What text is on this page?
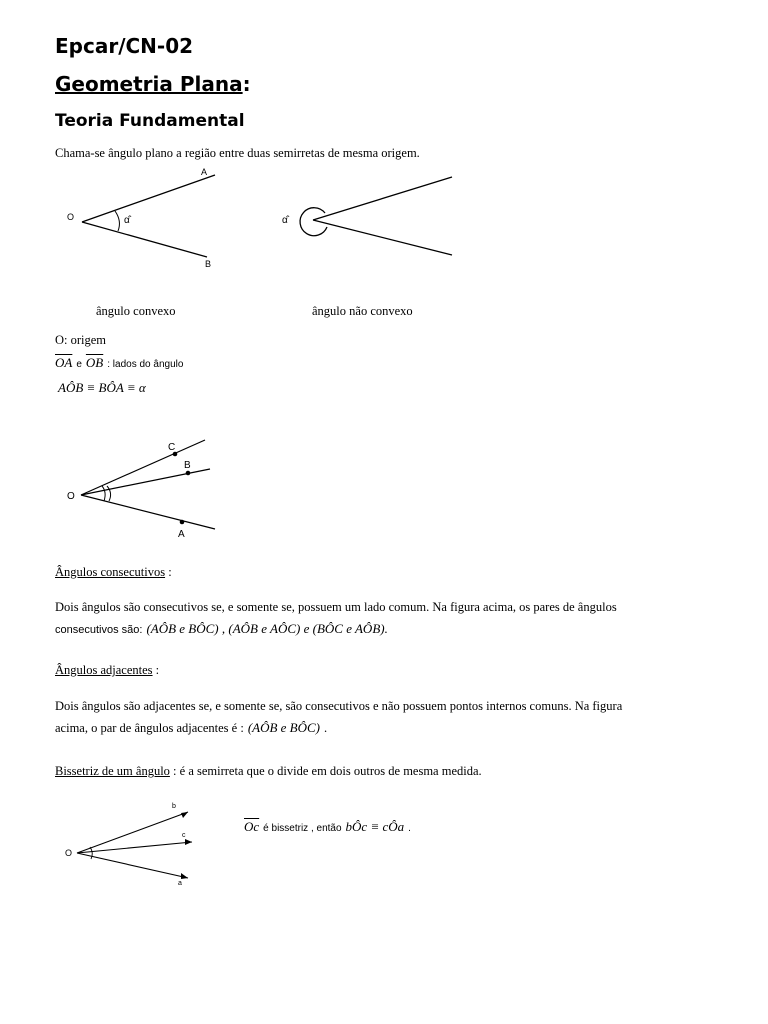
Epcar/CN-02
Geometria Plana:
Teoria Fundamental
Chama-se ângulo plano a região entre duas semirretas de mesma origem.
O
A
B
α̂	α̂
ângulo convexo	ângulo não convexo
O: origem
$\overline{OA}$ e $\overline{OB}$ : lados do ângulo
AÔB ≡ BÔA ≡ α
O
C
B
A
Ângulos consecutivos :
Dois ângulos são consecutivos se, e somente se, possuem um lado comum. Na figura acima, os pares de ângulos
consecutivos são: (AÔB e BÔC) , (AÔB e AÔC) e (BÔC e AÔB).
Ângulos adjacentes :
Dois ângulos são adjacentes se, e somente se, são consecutivos e não possuem pontos internos comuns. Na figura
acima, o par de ângulos adjacentes é : (AÔB e BÔC) .
Bissetriz de um ângulo : é a semirreta que o divide em dois outros de mesma medida.
O
b
c
a
$\overline{Oc}$ é bissetriz , então bÔc ≡ cÔa .
